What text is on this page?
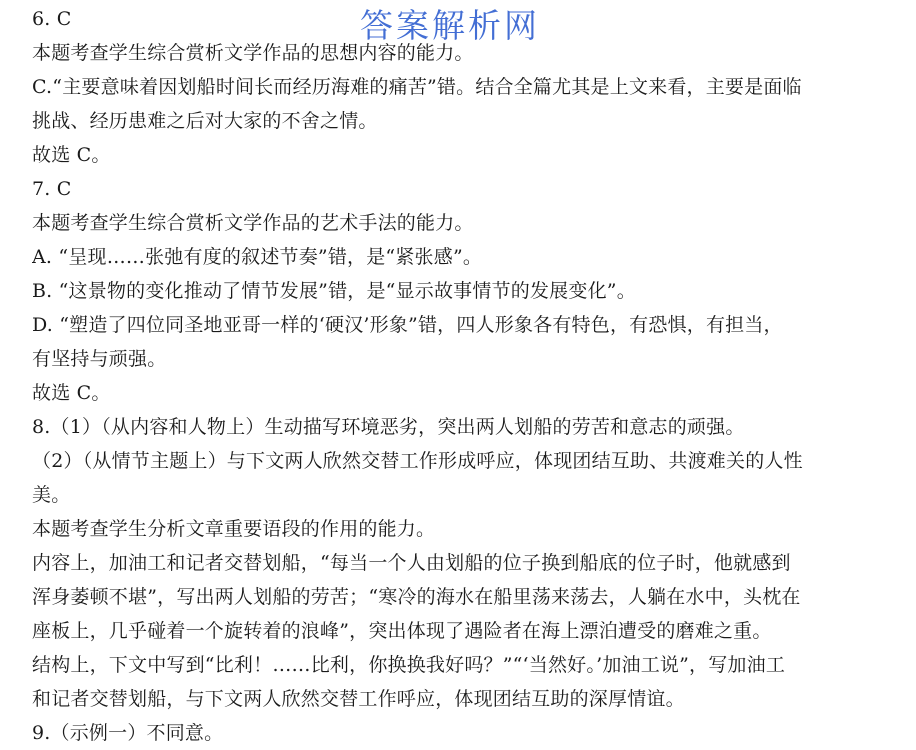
6. C
本题考查学生综合赏析文学作品的思想内容的能力。
C.“主要意味着因划船时间长而经历海难的痛苦”错。结合全篇尤其是上文来看，主要是面临
挑战、经历患难之后对大家的不舍之情。
故选 C。
7. C
本题考查学生综合赏析文学作品的艺术手法的能力。
A. “呈现……张弛有度的叙述节奏”错，是“紧张感”。
B. “这景物的变化推动了情节发展”错，是“显示故事情节的发展变化”。
D. “塑造了四位同圣地亚哥一样的‘硬汉’形象”错，四人形象各有特色，有恐惧，有担当，
有坚持与顽强。
故选 C。
8.（1）（从内容和人物上）生动描写环境恶劣，突出两人划船的劳苦和意志的顽强。
（2）（从情节主题上）与下文两人欣然交替工作形成呼应，体现团结互助、共渡难关的人性
美。
本题考查学生分析文章重要语段的作用的能力。
内容上，加油工和记者交替划船，“每当一个人由划船的位子换到船底的位子时，他就感到
浑身萎顿不堪”，写出两人划船的劳苦；“寒冷的海水在船里荡来荡去，人躺在水中，头枕在
座板上，几乎碰着一个旋转着的浪峰”，突出体现了遇险者在海上漂泊遭受的磨难之重。
结构上，下文中写到“比利！……比利，你换换我好吗？”“‘当然好。’加油工说”，写加油工
和记者交替划船，与下文两人欣然交替工作呼应，体现团结互助的深厚情谊。
9.（示例一）不同意。
答案解析网
